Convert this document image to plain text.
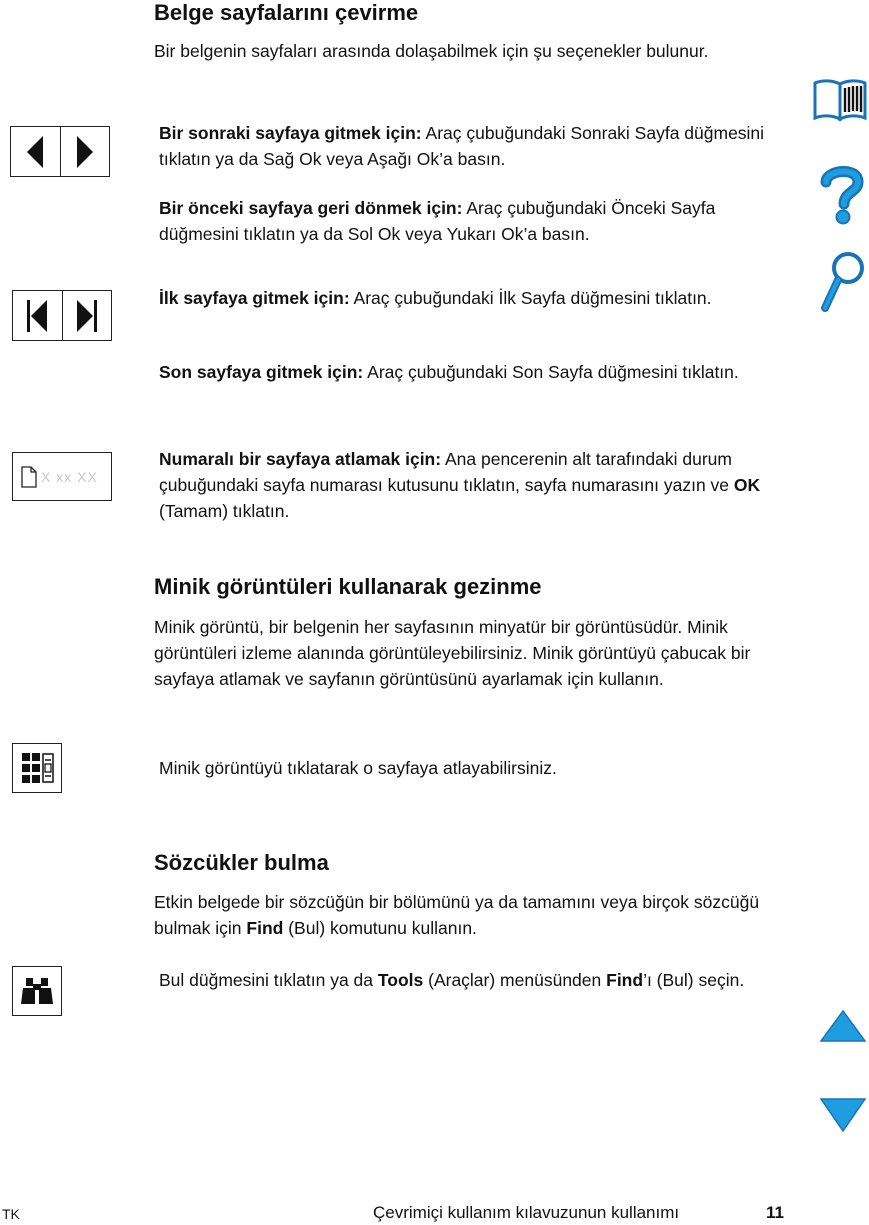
Belge sayfalarını çevirme

Bir belgenin sayfaları arasında dolaşabilmek için şu seçenekler bulunur.

Bir sonraki sayfaya gitmek için: Araç çubuğundaki Sonraki Sayfa düğmesini tıklatın ya da Sağ Ok veya Aşağı Ok’a basın.

Bir önceki sayfaya geri dönmek için: Araç çubuğundaki Önceki Sayfa düğmesini tıklatın ya da Sol Ok veya Yukarı Ok’a basın.

İlk sayfaya gitmek için: Araç çubuğundaki İlk Sayfa düğmesini tıklatın.

Son sayfaya gitmek için: Araç çubuğundaki Son Sayfa düğmesini tıklatın.

X xx XX

Numaralı bir sayfaya atlamak için: Ana pencerenin alt tarafındaki durum çubuğundaki sayfa numarası kutusunu tıklatın, sayfa numarasını yazın ve OK (Tamam) tıklatın.

Minik görüntüleri kullanarak gezinme

Minik görüntü, bir belgenin her sayfasının minyatür bir görüntüsüdür. Minik görüntüleri izleme alanında görüntüleyebilirsiniz. Minik görüntüyü çabucak bir sayfaya atlamak ve sayfanın görüntüsünü ayarlamak için kullanın.

Minik görüntüyü tıklatarak o sayfaya atlayabilirsiniz.

Sözcükler bulma

Etkin belgede bir sözcüğün bir bölümünü ya da tamamını veya birçok sözcüğü bulmak için Find (Bul) komutunu kullanın.

Bul düğmesini tıklatın ya da Tools (Araçlar) menüsünden Find’ı (Bul) seçin.

TK	Çevrimiçi kullanım kılavuzunun kullanımı	11
